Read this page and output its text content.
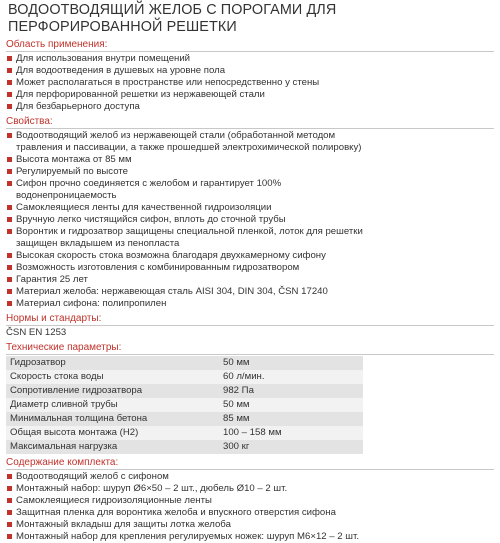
ВОДООТВОДЯЩИЙ ЖЕЛОБ С ПОРОГАМИ ДЛЯ
ПЕРФОРИРОВАННОЙ РЕШЕТКИ
Область применения:
Для использования внутри помещений
Для водоотведения в душевых на уровне пола
Может располагаться в пространстве или непосредственно у стены
Для перфорированной решетки из нержавеющей стали
Для безбарьерного доступа
Свойства:
Водоотводящий желоб из нержавеющей стали (обработанной методом
травления и пассивации, а также прошедшей электрохимической полировку)
Высота монтажа от 85 мм
Регулируемый по высоте
Сифон прочно соединяется с желобом и гарантирует 100%
водонепроницаемость
Самоклеящиеся ленты для качественной гидроизоляции
Вручную легко чистящийся сифон, вплоть до сточной трубы
Воронтик и гидрозатвор защищены специальной пленкой, лоток для решетки
защищен вкладышем из пенопласта
Высокая скорость стока возможна благодаря двухкамерному сифону
Возможность изготовления с комбинированным гидрозатвором
Гарантия 25 лет
Материал желоба: нержавеющая сталь AISI 304, DIN 304, ČSN 17240
Материал сифона: полипропилен
Нормы и стандарты:

ČSN EN 1253

Технические параметры:
Гидрозатвор	50 мм
Скорость стока воды	60 л/мин.
Сопротивление гидрозатвора	982 Па
Диаметр сливной трубы	50 мм
Минимальная толщина бетона	85 мм
Общая высота монтажа (H2)	100 – 158 мм
Максимальная нагрузка	300 кг
Содержание комплекта:
Водоотводящий желоб с сифоном
Монтажный набор: шуруп Ø6×50 – 2 шт., дюбель Ø10 – 2 шт.
Самоклеящиеся гидроизоляционные ленты
Защитная пленка для воронтика желоба и впускного отверстия сифона
Монтажный вкладыш для защиты лотка желоба
Монтажный набор для крепления регулируемых ножек: шуруп M6×12 – 2 шт.
